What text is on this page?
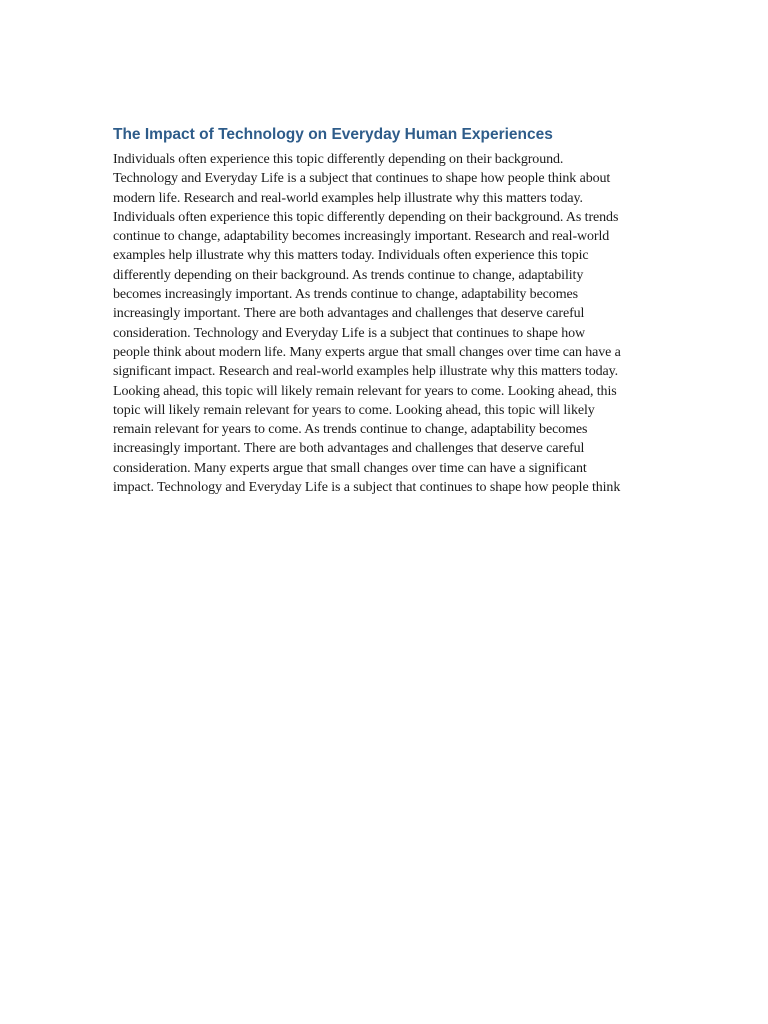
The Impact of Technology on Everyday Human Experiences

Individuals often experience this topic differently depending on their background.
Technology and Everyday Life is a subject that continues to shape how people think about
modern life. Research and real-world examples help illustrate why this matters today.
Individuals often experience this topic differently depending on their background. As trends
continue to change, adaptability becomes increasingly important. Research and real-world
examples help illustrate why this matters today. Individuals often experience this topic
differently depending on their background. As trends continue to change, adaptability
becomes increasingly important. As trends continue to change, adaptability becomes
increasingly important. There are both advantages and challenges that deserve careful
consideration. Technology and Everyday Life is a subject that continues to shape how
people think about modern life. Many experts argue that small changes over time can have a
significant impact. Research and real-world examples help illustrate why this matters today.
Looking ahead, this topic will likely remain relevant for years to come. Looking ahead, this
topic will likely remain relevant for years to come. Looking ahead, this topic will likely
remain relevant for years to come. As trends continue to change, adaptability becomes
increasingly important. There are both advantages and challenges that deserve careful
consideration. Many experts argue that small changes over time can have a significant
impact. Technology and Everyday Life is a subject that continues to shape how people think
